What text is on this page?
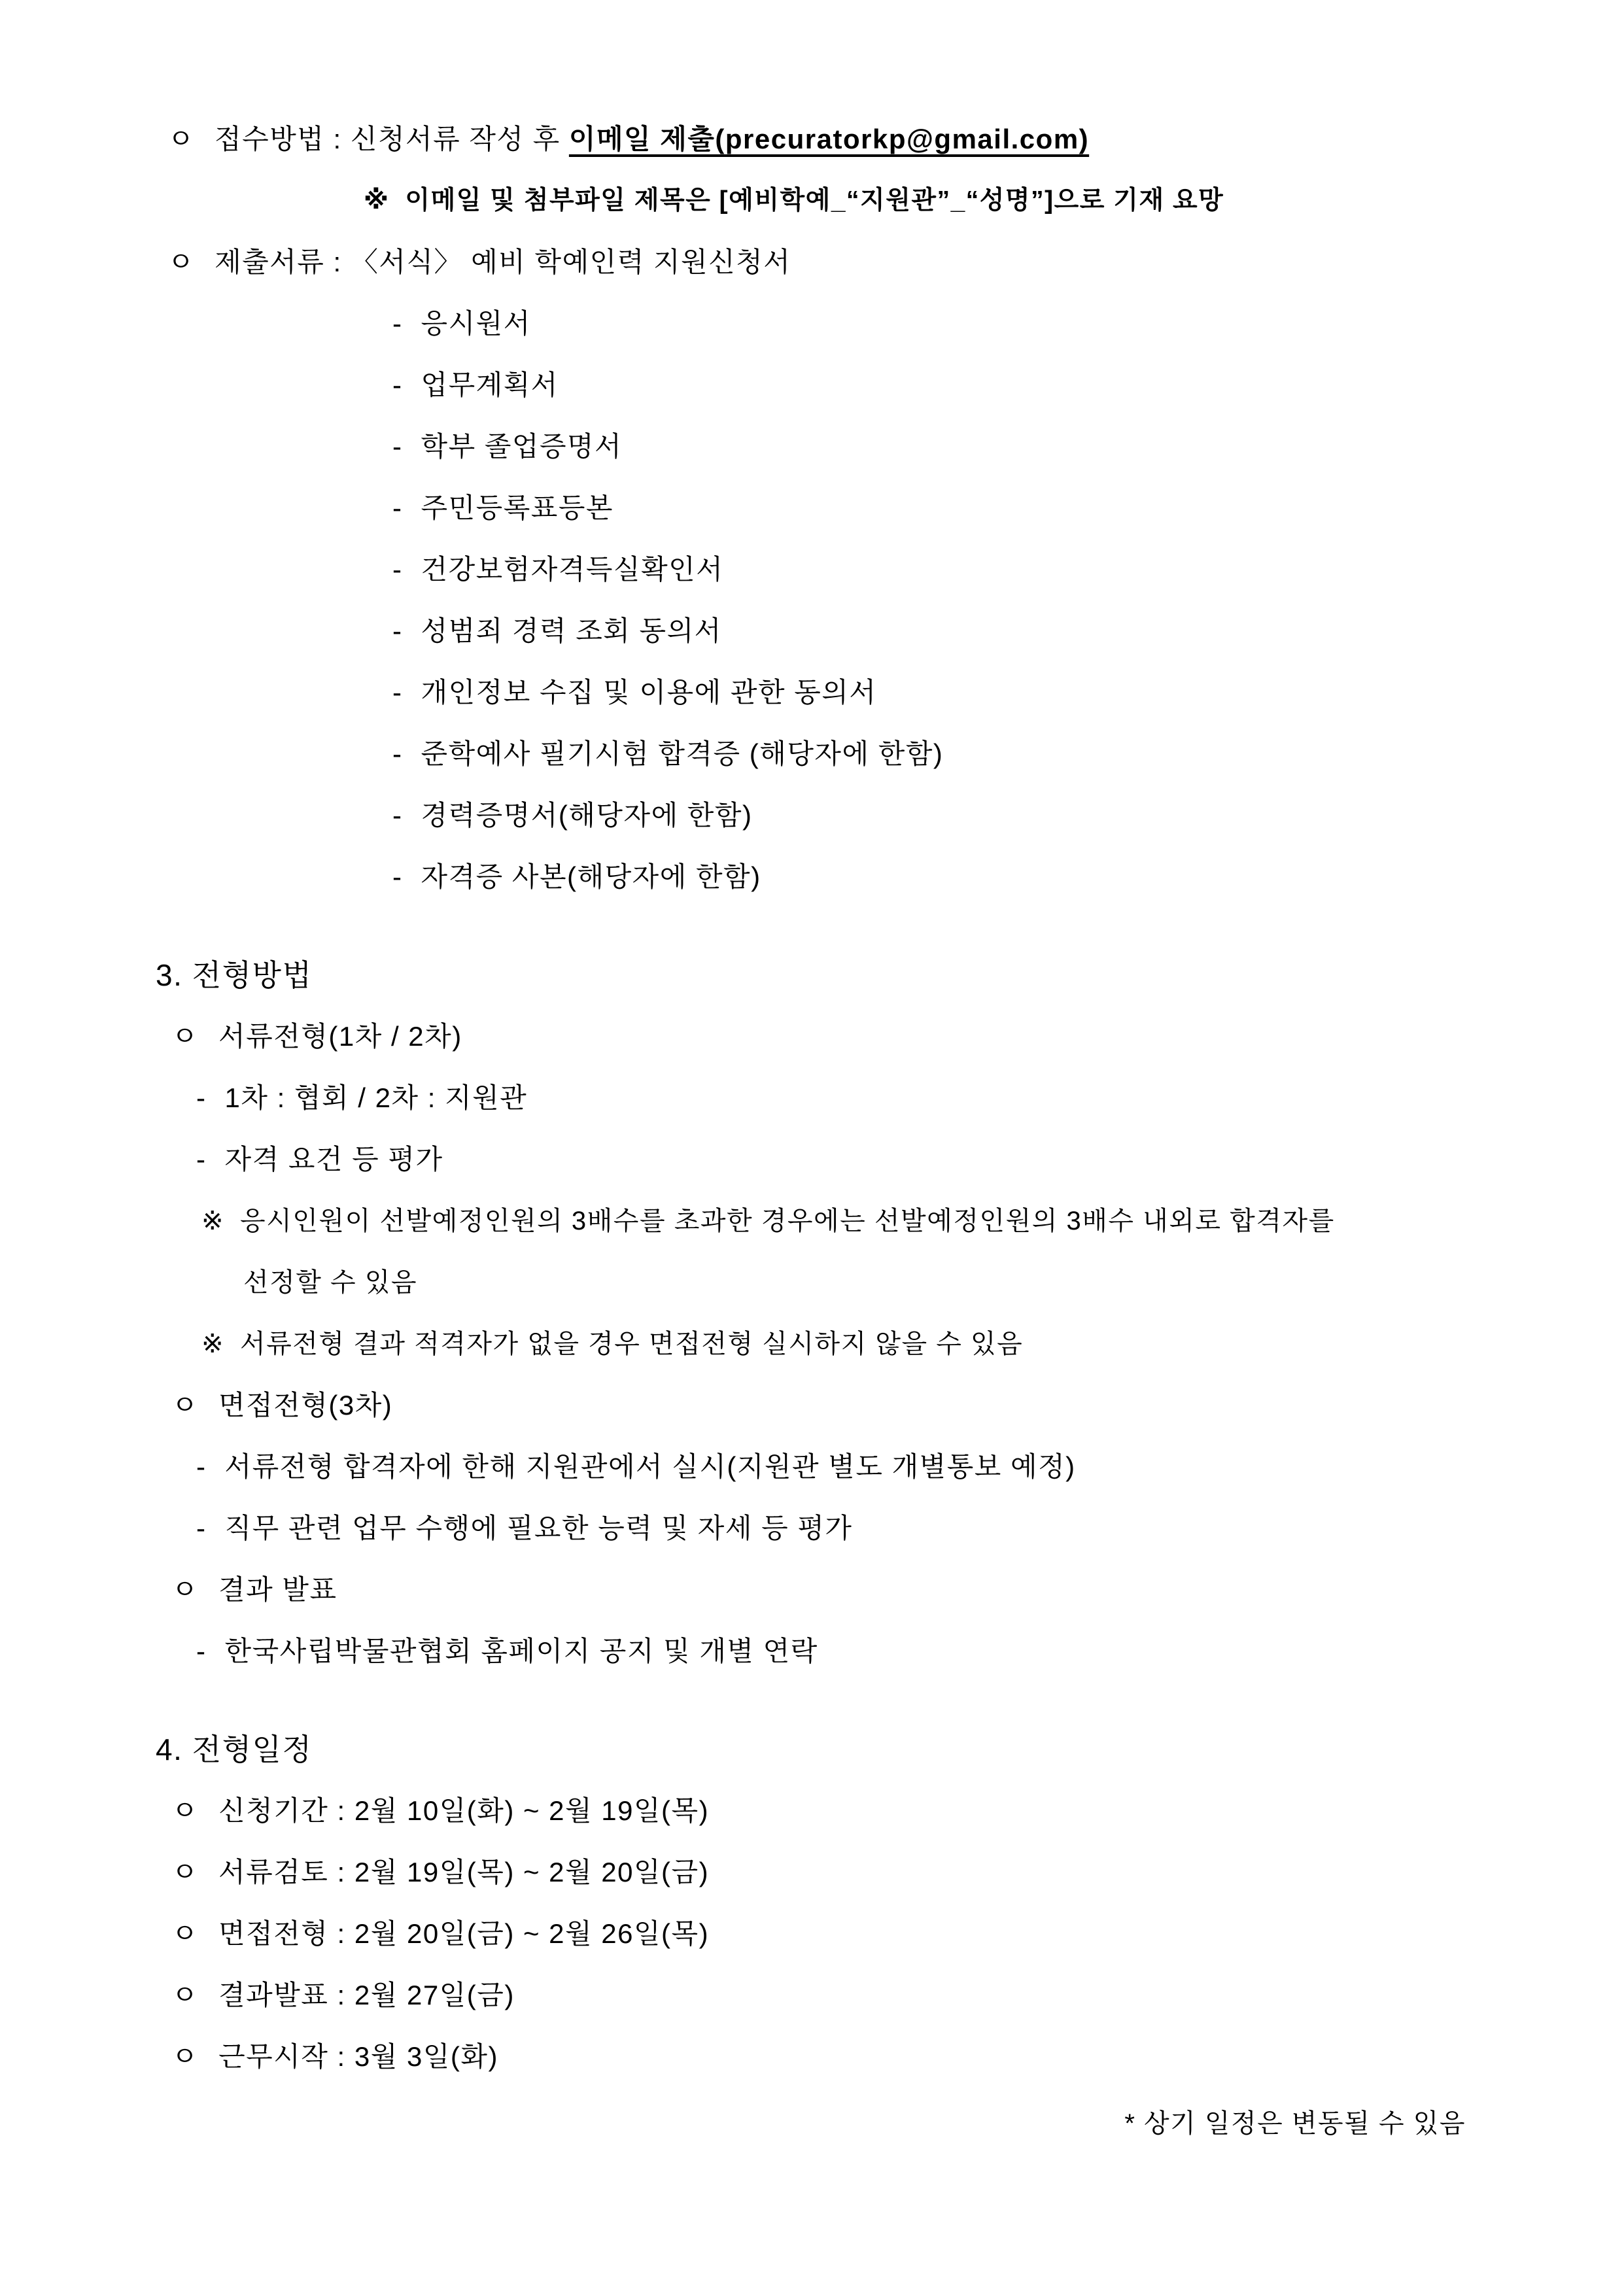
ㅇ 접수방법 : 신청서류 작성 후 이메일 제출(precuratorkp@gmail.com)
※ 이메일 및 첨부파일 제목은 [예비학예_“지원관”_“성명”]으로 기재 요망
ㅇ 제출서류 : 〈서식〉 예비 학예인력 지원신청서
- 응시원서
- 업무계획서
- 학부 졸업증명서
- 주민등록표등본
- 건강보험자격득실확인서
- 성범죄 경력 조회 동의서
- 개인정보 수집 및 이용에 관한 동의서
- 준학예사 필기시험 합격증 (해당자에 한함)
- 경력증명서(해당자에 한함)
- 자격증 사본(해당자에 한함)
3. 전형방법
ㅇ 서류전형(1차 / 2차)
- 1차 : 협회 / 2차 : 지원관
- 자격 요건 등 평가
※ 응시인원이 선발예정인원의 3배수를 초과한 경우에는 선발예정인원의 3배수 내외로 합격자를
선정할 수 있음
※ 서류전형 결과 적격자가 없을 경우 면접전형 실시하지 않을 수 있음
ㅇ 면접전형(3차)
- 서류전형 합격자에 한해 지원관에서 실시(지원관 별도 개별통보 예정)
- 직무 관련 업무 수행에 필요한 능력 및 자세 등 평가
ㅇ 결과 발표
- 한국사립박물관협회 홈페이지 공지 및 개별 연락
4. 전형일정
ㅇ 신청기간 : 2월 10일(화) ~ 2월 19일(목)
ㅇ 서류검토 : 2월 19일(목) ~ 2월 20일(금)
ㅇ 면접전형 : 2월 20일(금) ~ 2월 26일(목)
ㅇ 결과발표 : 2월 27일(금)
ㅇ 근무시작 : 3월 3일(화)
* 상기 일정은 변동될 수 있음
